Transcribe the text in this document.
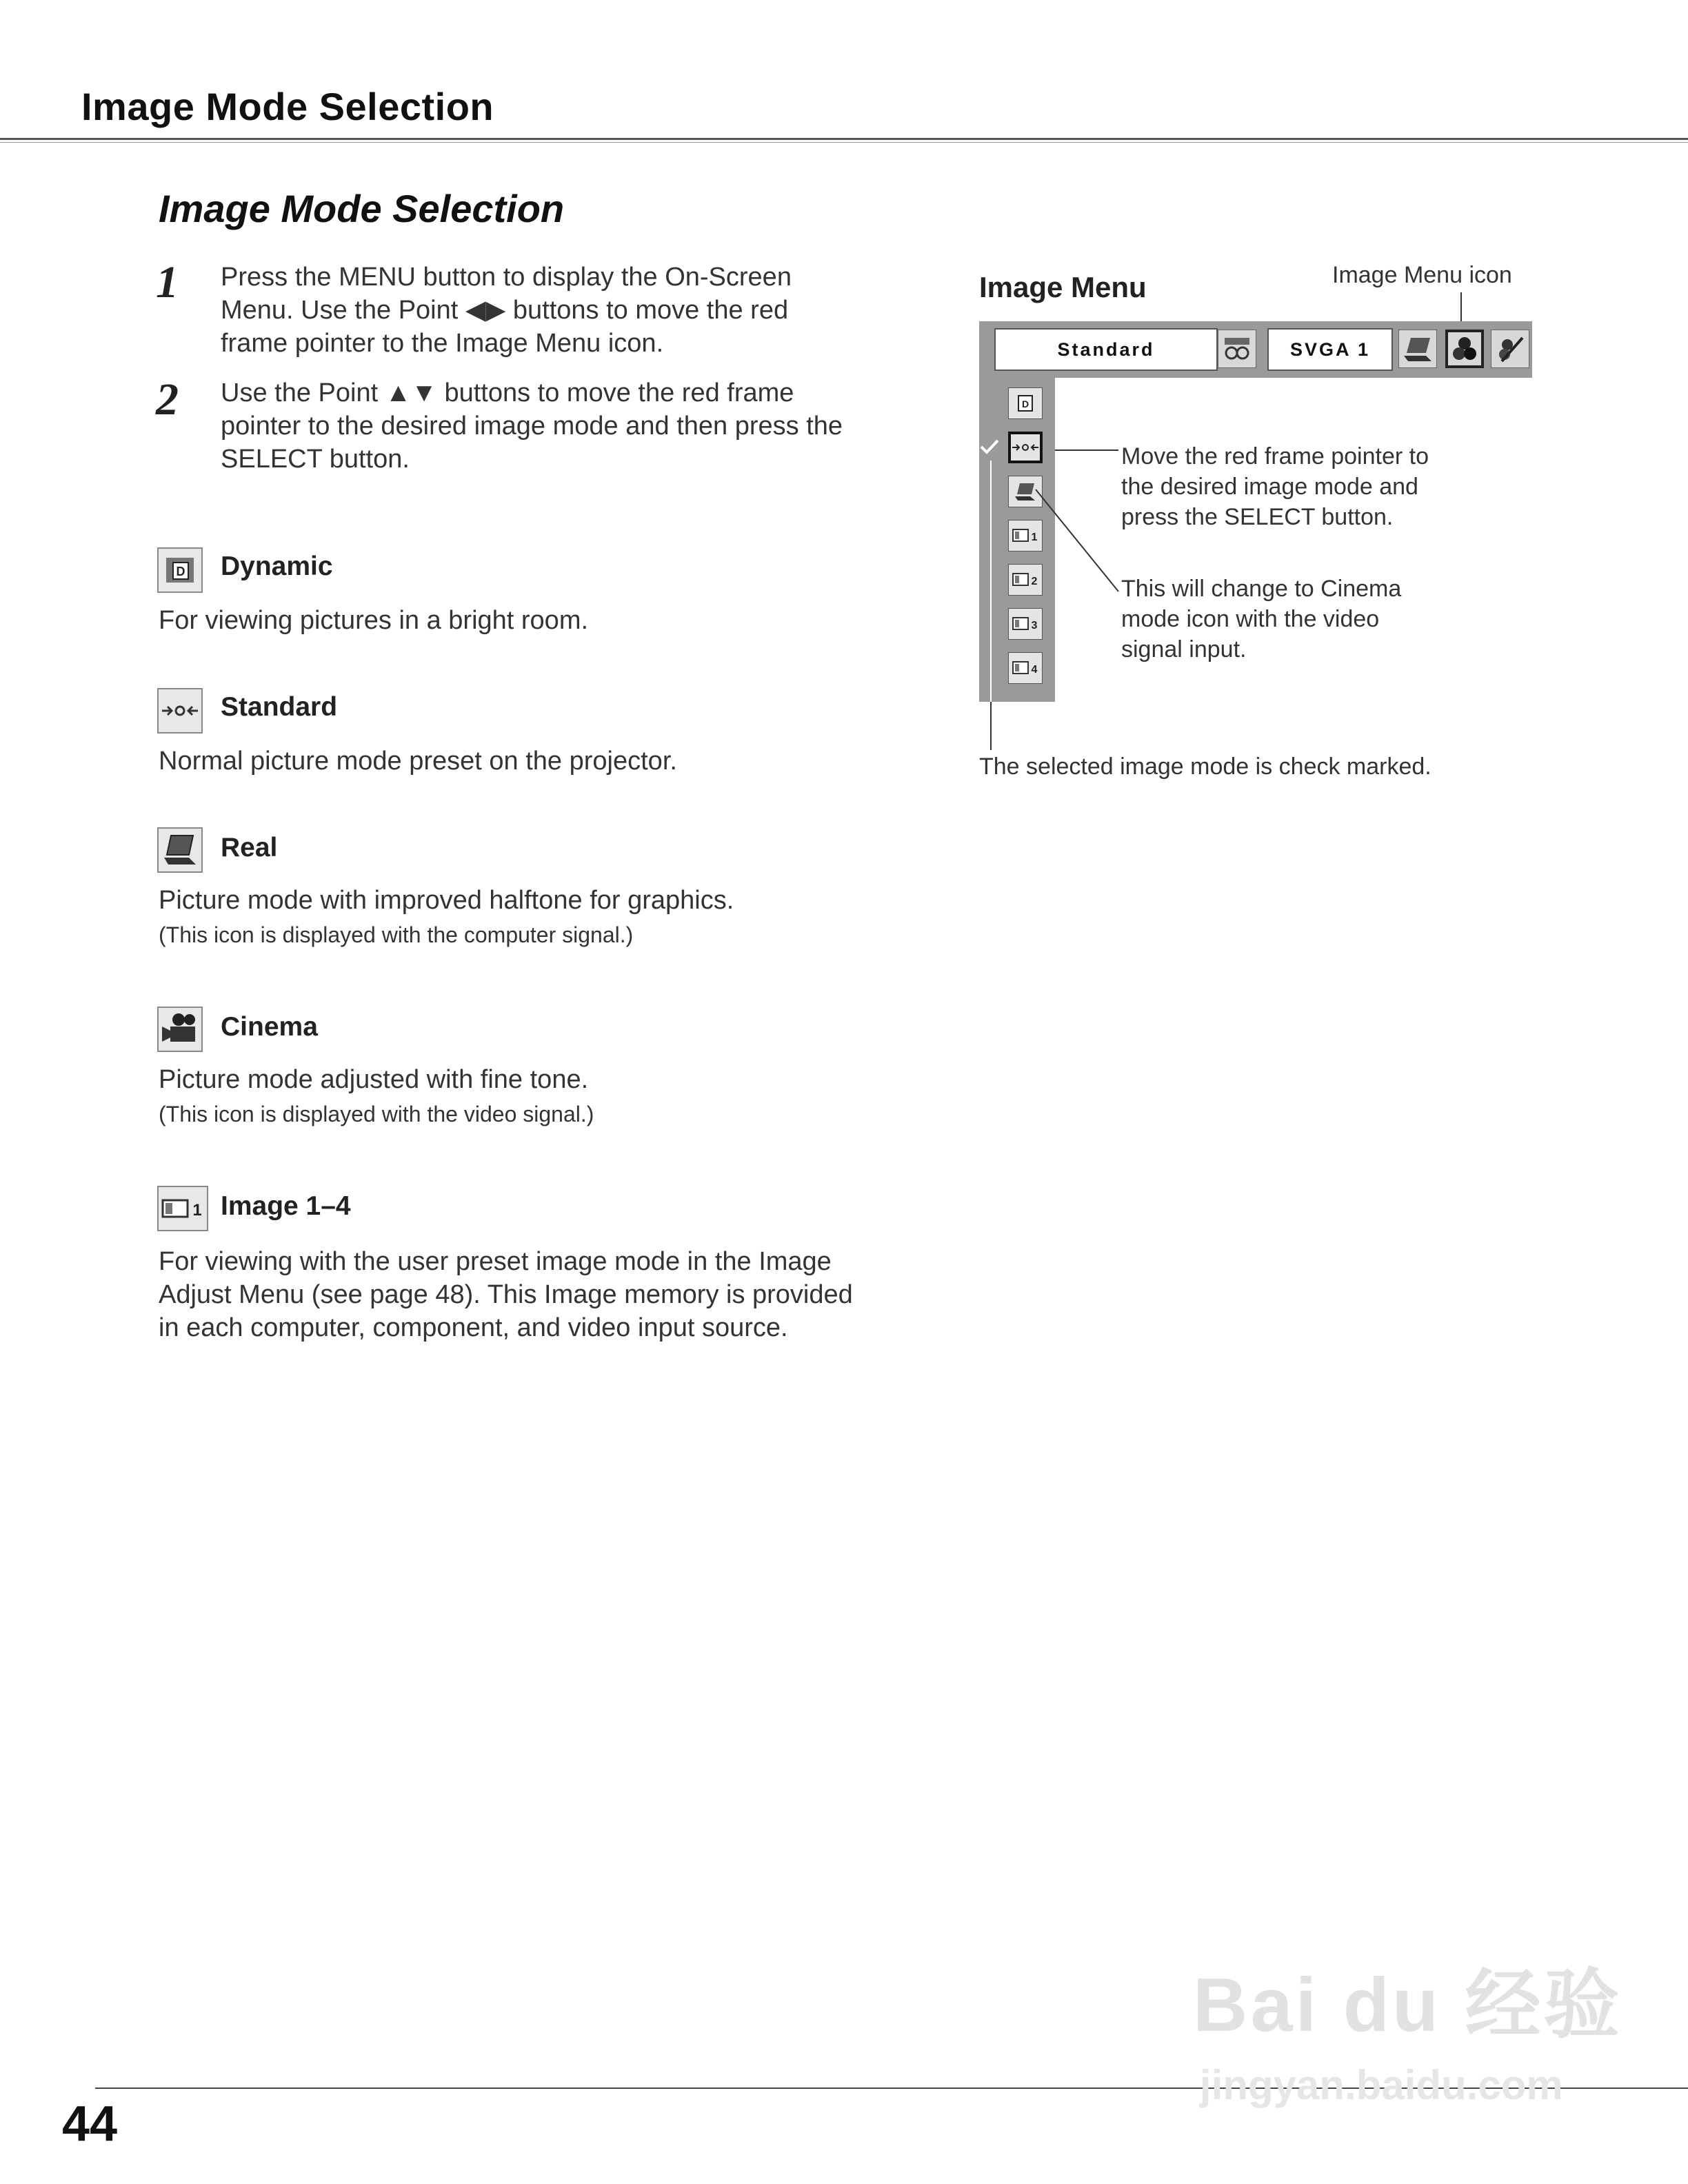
Image Mode Selection
Image Mode Selection
1 Press the MENU button to display the On-Screen
Menu. Use the Point ◀▶ buttons to move the red
frame pointer to the Image Menu icon.
2 Use the Point ▲▼ buttons to move the red frame
pointer to the desired image mode and then press the
SELECT button.
D Dynamic
For viewing pictures in a bright room.
Standard
Normal picture mode preset on the projector.
Real
Picture mode with improved halftone for graphics.
(This icon is displayed with the computer signal.)
Cinema
Picture mode adjusted with fine tone.
(This icon is displayed with the video signal.)
1 Image 1–4
For viewing with the user preset image mode in the Image
Adjust Menu (see page 48). This Image memory is provided
in each computer, component, and video input source.
Image Menu	Image Menu icon
Standard	SVGA 1
D
1
2
3
4
Move the red frame pointer to
the desired image mode and
press the SELECT button.
This will change to Cinema
mode icon with the video
signal input.
The selected image mode is check marked.
44
Bai du 经验
jingyan.baidu.com
